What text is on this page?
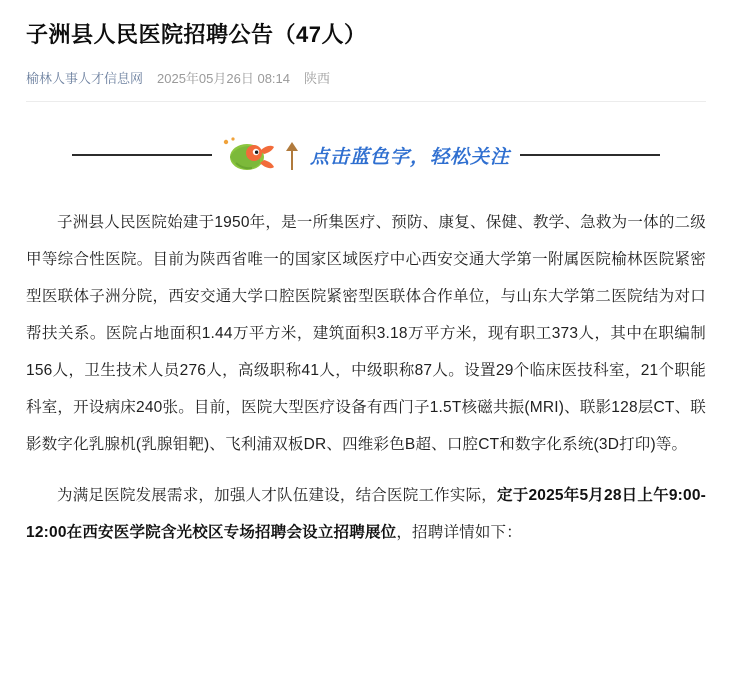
子洲县人民医院招聘公告（47人）
榆林人事人才信息网 2025年05月26日 08:14 陕西
点击蓝色字，轻松关注

子洲县人民医院始建于1950年，是一所集医疗、预防、康复、保健、教学、急救为一体的二级甲等综合性医院。目前为陕西省唯一的国家区域医疗中心西安交通大学第一附属医院榆林医院紧密型医联体子洲分院，西安交通大学口腔医院紧密型医联体合作单位，与山东大学第二医院结为对口帮扶关系。医院占地面积1.44万平方米，建筑面积3.18万平方米，现有职工373人，其中在职编制156人，卫生技术人员276人，高级职称41人，中级职称87人。设置29个临床医技科室，21个职能科室，开设病床240张。目前，医院大型医疗设备有西门子1.5T核磁共振(MRI)、联影128层CT、联影数字化乳腺机(乳腺钼靶)、飞利浦双板DR、四维彩色B超、口腔CT和数字化系统(3D打印)等。

为满足医院发展需求，加强人才队伍建设，结合医院工作实际，定于2025年5月28日上午9:00-12:00在西安医学院含光校区专场招聘会设立招聘展位，招聘详情如下：
